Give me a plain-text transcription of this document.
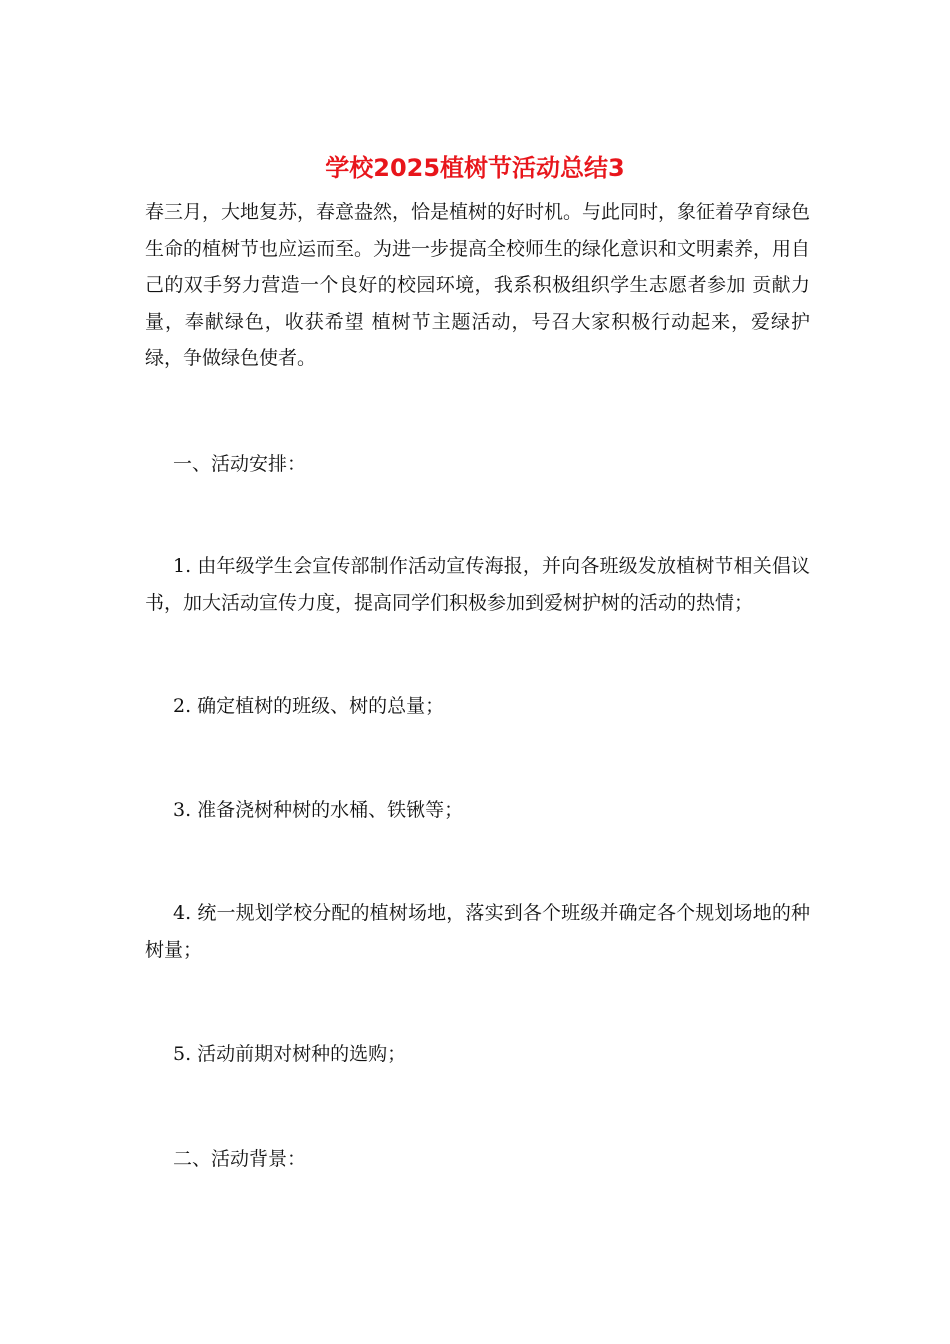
学校2025植树节活动总结3

春三月，大地复苏，春意盎然，恰是植树的好时机。与此同时，象征着孕育绿色生命的植树节也应运而至。为进一步提高全校师生的绿化意识和文明素养，用自己的双手努力营造一个良好的校园环境，我系积极组织学生志愿者参加 贡献力量，奉献绿色，收获希望 植树节主题活动，号召大家积极行动起来，爱绿护绿，争做绿色使者。

一、活动安排：

1. 由年级学生会宣传部制作活动宣传海报，并向各班级发放植树节相关倡议书，加大活动宣传力度，提高同学们积极参加到爱树护树的活动的热情；

2. 确定植树的班级、树的总量；

3. 准备浇树种树的水桶、铁锹等；

4. 统一规划学校分配的植树场地，落实到各个班级并确定各个规划场地的种树量；

5. 活动前期对树种的选购；

二、活动背景：
